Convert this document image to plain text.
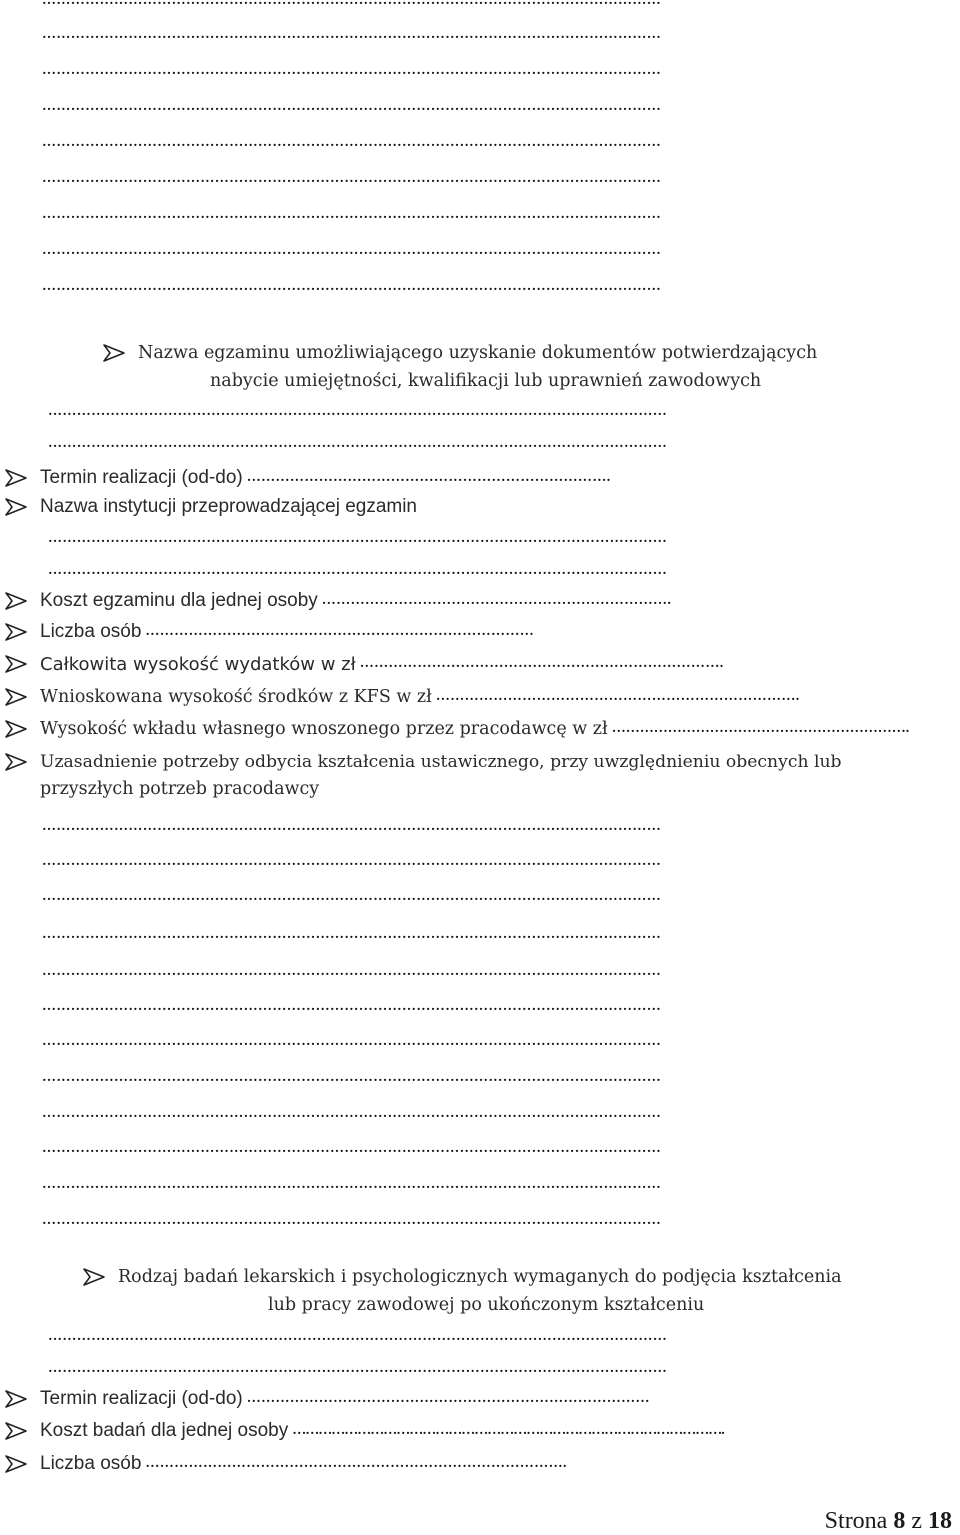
…………………………………………………………………………………………………………………
…………………………………………………………………………………………………………………
…………………………………………………………………………………………………………………
…………………………………………………………………………………………………………………
…………………………………………………………………………………………………………………
…………………………………………………………………………………………………………………
…………………………………………………………………………………………………………………
…………………………………………………………………………………………………………………
…………………………………………………………………………………………………………………
Nazwa egzaminu umożliwiającego uzyskanie dokumentów potwierdzających
nabycie umiejętności, kwalifikacji lub uprawnień zawodowych
…………………………………………………………………………………………………………………
…………………………………………………………………………………………………………………
Termin realizacji (od-do) ………………………………………………………………….
Nazwa instytucji przeprowadzającej egzamin
…………………………………………………………………………………………………………………
…………………………………………………………………………………………………………………
Koszt egzaminu dla jednej osoby ……………………………………………………………….
Liczba osób ………………………………………………………………………
Całkowita wysokość wydatków w zł ………………………………………………………………….
Wnioskowana wysokość środków z KFS w zł ………………………………………………………………….
Wysokość wkładu własnego wnoszonego przez pracodawcę w zł ……………………………………………………….
Uzasadnienie potrzeby odbycia kształcenia ustawicznego, przy uwzględnieniu obecnych lub
przyszłych potrzeb pracodawcy
…………………………………………………………………………………………………………………
…………………………………………………………………………………………………………………
…………………………………………………………………………………………………………………
…………………………………………………………………………………………………………………
…………………………………………………………………………………………………………………
…………………………………………………………………………………………………………………
…………………………………………………………………………………………………………………
…………………………………………………………………………………………………………………
…………………………………………………………………………………………………………………
…………………………………………………………………………………………………………………
…………………………………………………………………………………………………………………
…………………………………………………………………………………………………………………
Rodzaj badań lekarskich i psychologicznych wymaganych do podjęcia kształcenia
lub pracy zawodowej po ukończonym kształceniu
…………………………………………………………………………………………………………………
…………………………………………………………………………………………………………………
Termin realizacji (od-do) …………………………………………………………………………
Koszt badań dla jednej osoby ……………………………………………………………………………………….
Liczba osób …………………………………………………………………………….
Strona 8 z 18
